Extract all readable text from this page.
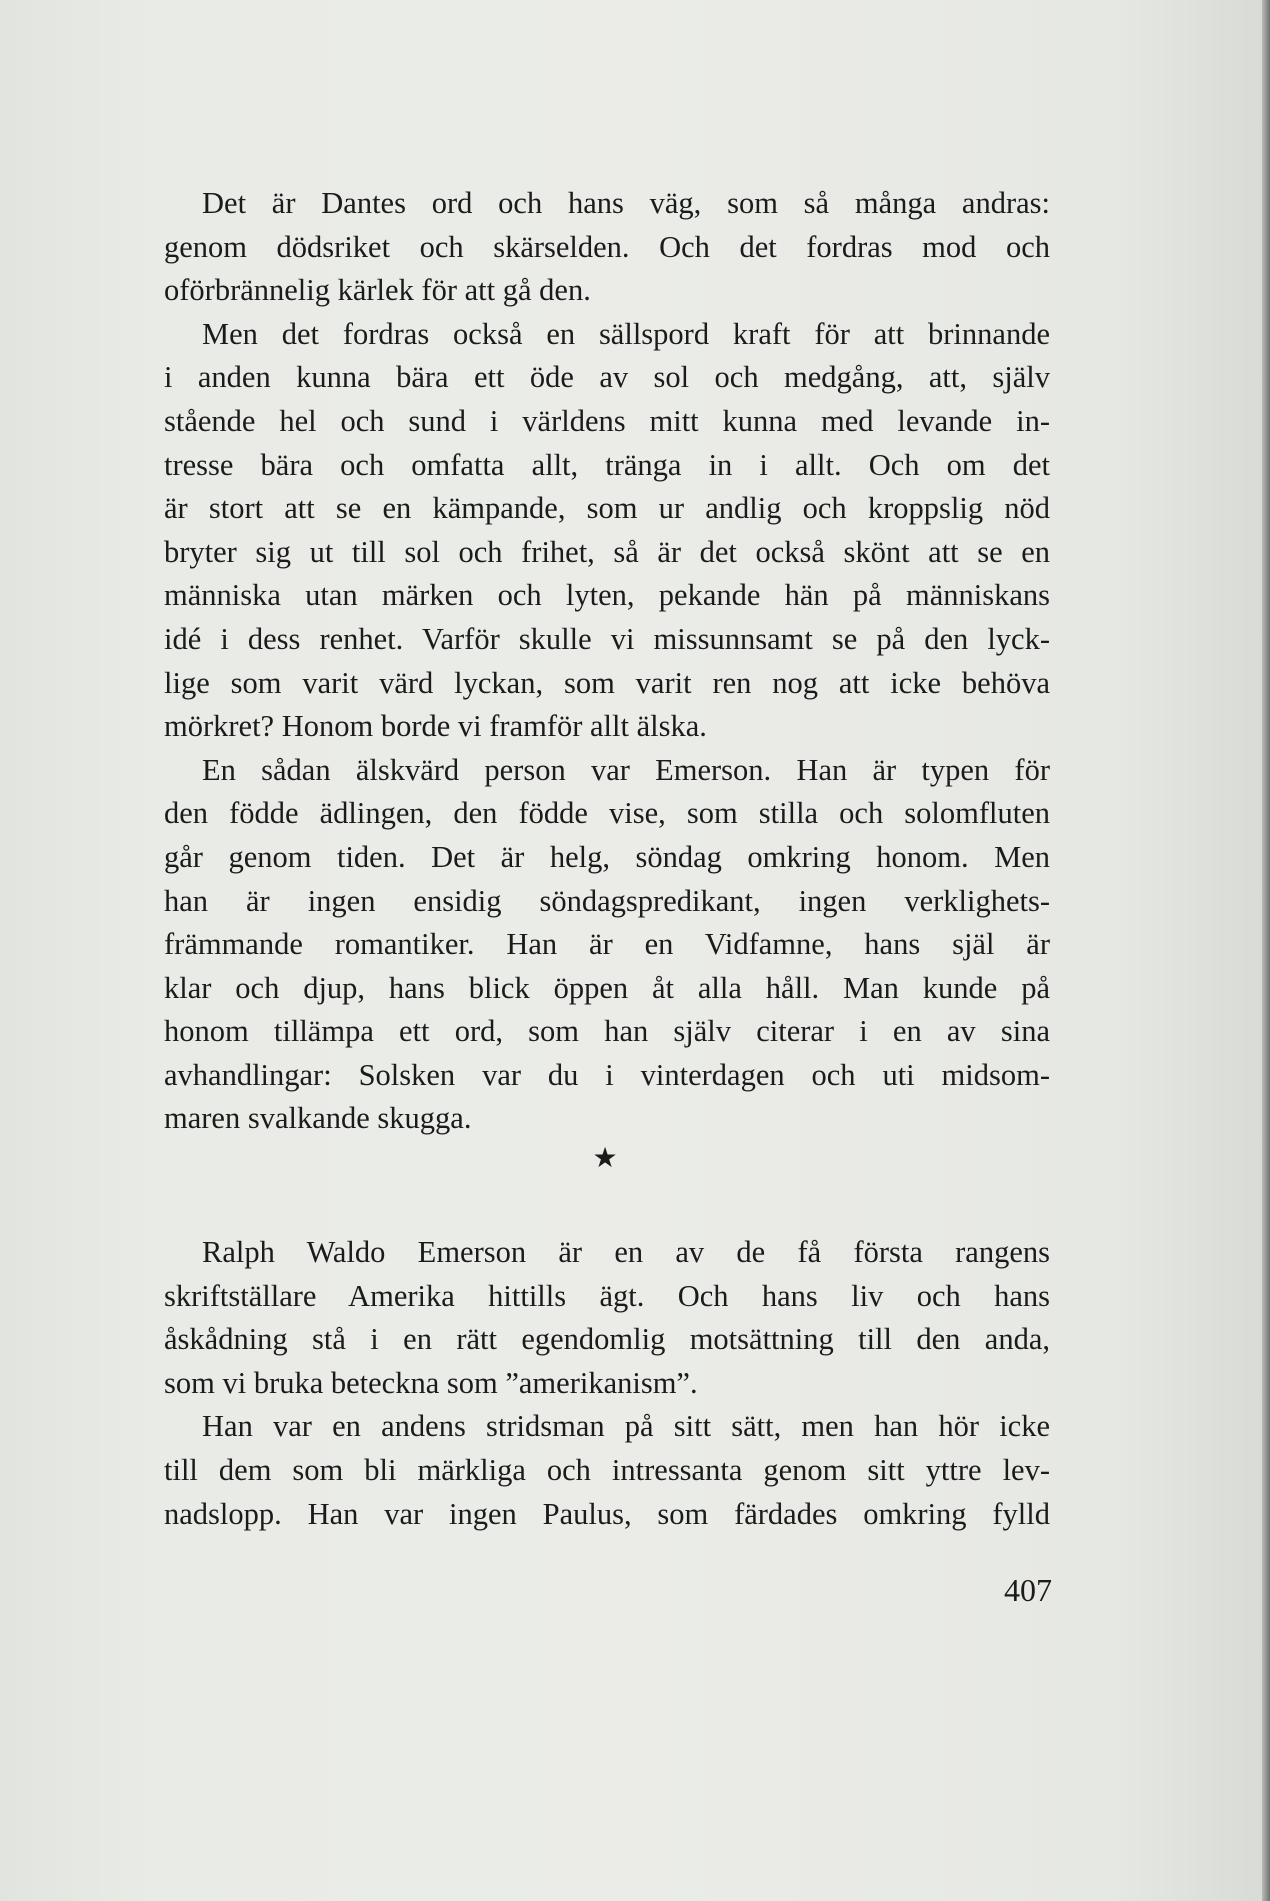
Det är Dantes ord och hans väg, som så många andras:
genom dödsriket och skärselden. Och det fordras mod och
oförbrännelig kärlek för att gå den.
Men det fordras också en sällspord kraft för att brinnande
i anden kunna bära ett öde av sol och medgång, att, själv
stående hel och sund i världens mitt kunna med levande in-
tresse bära och omfatta allt, tränga in i allt. Och om det
är stort att se en kämpande, som ur andlig och kroppslig nöd
bryter sig ut till sol och frihet, så är det också skönt att se en
människa utan märken och lyten, pekande hän på människans
idé i dess renhet. Varför skulle vi missunnsamt se på den lyck-
lige som varit värd lyckan, som varit ren nog att icke behöva
mörkret? Honom borde vi framför allt älska.
En sådan älskvärd person var Emerson. Han är typen för
den födde ädlingen, den födde vise, som stilla och solomfluten
går genom tiden. Det är helg, söndag omkring honom. Men
han är ingen ensidig söndagspredikant, ingen verklighets-
främmande romantiker. Han är en Vidfamne, hans själ är
klar och djup, hans blick öppen åt alla håll. Man kunde på
honom tillämpa ett ord, som han själv citerar i en av sina
avhandlingar: Solsken var du i vinterdagen och uti midsom-
maren svalkande skugga.
★
Ralph Waldo Emerson är en av de få första rangens
skriftställare Amerika hittills ägt. Och hans liv och hans
åskådning stå i en rätt egendomlig motsättning till den anda,
som vi bruka beteckna som ”amerikanism”.
Han var en andens stridsman på sitt sätt, men han hör icke
till dem som bli märkliga och intressanta genom sitt yttre lev-
nadslopp. Han var ingen Paulus, som färdades omkring fylld
407
